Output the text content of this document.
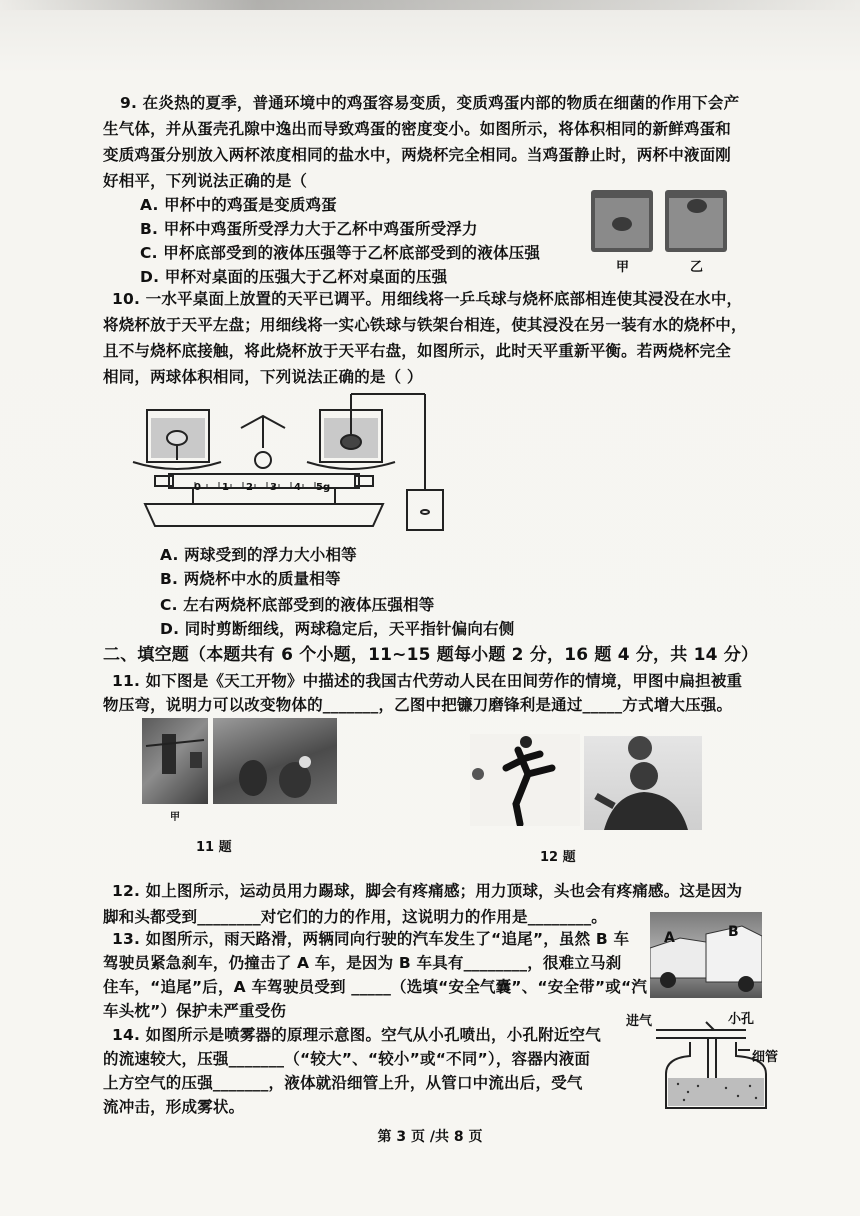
9. 在炎热的夏季，普通环境中的鸡蛋容易变质，变质鸡蛋内部的物质在细菌的作用下会产
生气体，并从蛋壳孔隙中逸出而导致鸡蛋的密度变小。如图所示，将体积相同的新鲜鸡蛋和
变质鸡蛋分别放入两杯浓度相同的盐水中，两烧杯完全相同。当鸡蛋静止时，两杯中液面刚
好相平，下列说法正确的是（
A. 甲杯中的鸡蛋是变质鸡蛋
B. 甲杯中鸡蛋所受浮力大于乙杯中鸡蛋所受浮力
C. 甲杯底部受到的液体压强等于乙杯底部受到的液体压强
D. 甲杯对桌面的压强大于乙杯对桌面的压强
甲	乙
10. 一水平桌面上放置的天平已调平。用细线将一乒乓球与烧杯底部相连使其浸没在水中，
将烧杯放于天平左盘；用细线将一实心铁球与铁架台相连，使其浸没在另一装有水的烧杯中，
且不与烧杯底接触，将此烧杯放于天平右盘，如图所示，此时天平重新平衡。若两烧杯完全
相同，两球体积相同，下列说法正确的是（ ）
0 1 2 3 4 5g
A. 两球受到的浮力大小相等
B. 两烧杯中水的质量相等
C. 左右两烧杯底部受到的液体压强相等
D. 同时剪断细线，两球稳定后，天平指针偏向右侧
二、填空题（本题共有 6 个小题，11~15 题每小题 2 分，16 题 4 分，共 14 分）
11. 如下图是《天工开物》中描述的我国古代劳动人民在田间劳作的情境，甲图中扁担被重
物压弯，说明力可以改变物体的_______，乙图中把镰刀磨锋利是通过_____方式增大压强。
甲
11 题
12 题
12. 如上图所示，运动员用力踢球，脚会有疼痛感；用力顶球，头也会有疼痛感。这是因为
脚和头都受到________对它们的力的作用，这说明力的作用是________。
13. 如图所示，雨天路滑，两辆同向行驶的汽车发生了“追尾”，虽然 B 车
驾驶员紧急刹车，仍撞击了 A 车，是因为 B 车具有________，很难立马刹
住车，“追尾”后，A 车驾驶员受到 _____（选填“安全气囊”、“安全带”或“汽
车头枕”）保护未严重受伤
A	B
14. 如图所示是喷雾器的原理示意图。空气从小孔喷出，小孔附近空气
的流速较大，压强_______（“较大”、“较小”或“不同”），容器内液面
上方空气的压强_______，液体就沿细管上升，从管口中流出后，受气
流冲击，形成雾状。
进气	小孔
细管
第 3 页 /共 8 页
